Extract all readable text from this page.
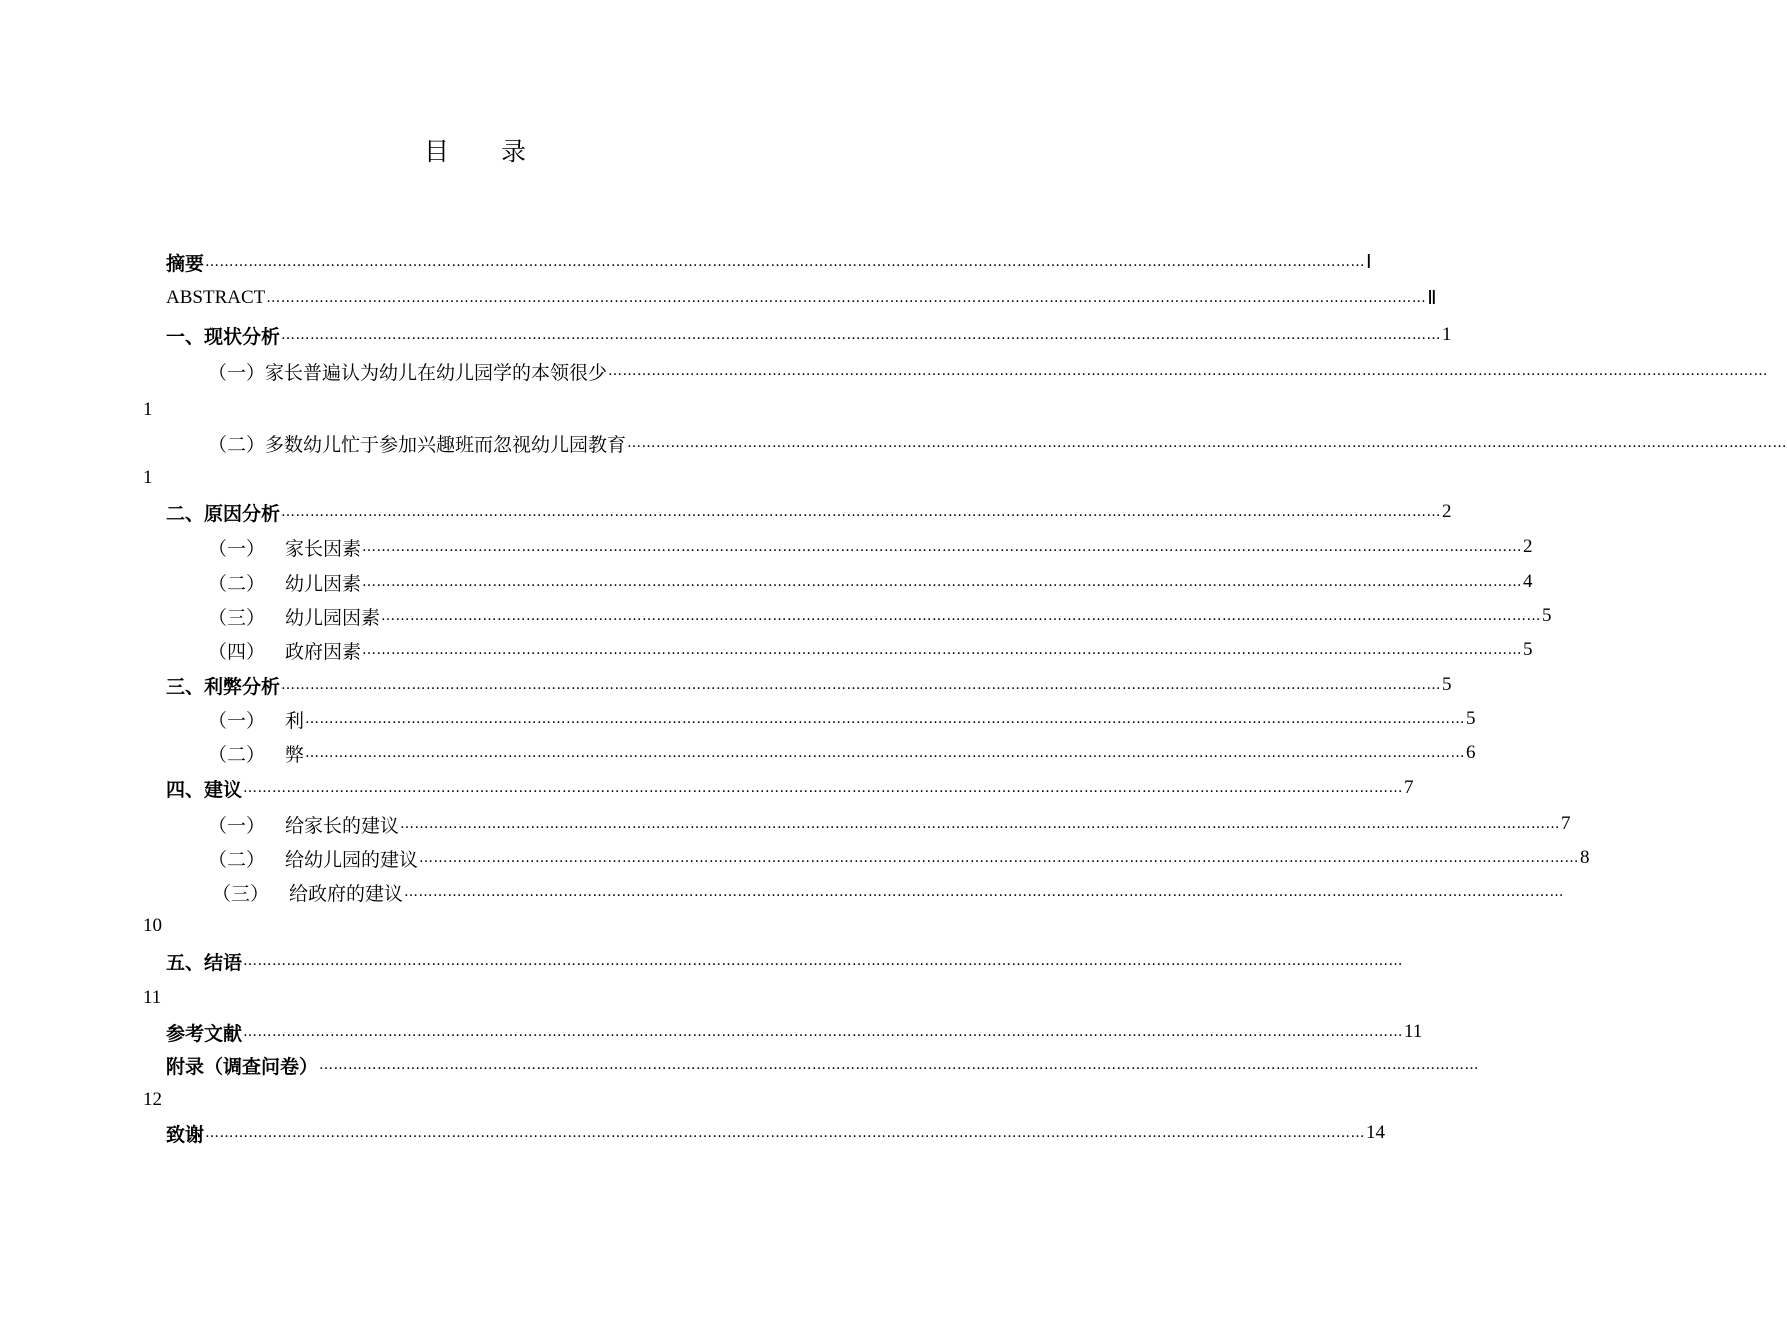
目 录
摘要 …………………………………………………………………………………………………………………………………………………………………………………………………………………… Ⅰ
ABSTRACT …………………………………………………………………………………………………………………………………………………………………………………………………………………… Ⅱ
一、现状分析 …………………………………………………………………………………………………………………………………………………………………………………………………………………… 1
（一）家长普遍认为幼儿在幼儿园学的本领很少 ……………………………………………………………………………………………………………………………………………………………………………………………………………………
1
（二）多数幼儿忙于参加兴趣班而忽视幼儿园教育 ……………………………………………………………………………………………………………………………………………………………………………………………………………………
1
二、原因分析 …………………………………………………………………………………………………………………………………………………………………………………………………………………… 2
（一） 家长因素 …………………………………………………………………………………………………………………………………………………………………………………………………………………… 2
（二） 幼儿因素 …………………………………………………………………………………………………………………………………………………………………………………………………………………… 4
（三） 幼儿园因素 …………………………………………………………………………………………………………………………………………………………………………………………………………………… 5
（四） 政府因素 …………………………………………………………………………………………………………………………………………………………………………………………………………………… 5
三、利弊分析 …………………………………………………………………………………………………………………………………………………………………………………………………………………… 5
（一） 利 …………………………………………………………………………………………………………………………………………………………………………………………………………………… 5
（二） 弊 …………………………………………………………………………………………………………………………………………………………………………………………………………………… 6
四、建议 …………………………………………………………………………………………………………………………………………………………………………………………………………………… 7
（一） 给家长的建议 …………………………………………………………………………………………………………………………………………………………………………………………………………………… 7
（二） 给幼儿园的建议 …………………………………………………………………………………………………………………………………………………………………………………………………………………… 8
（三） 给政府的建议 ……………………………………………………………………………………………………………………………………………………………………………………………………………………
10
五、结语 ……………………………………………………………………………………………………………………………………………………………………………………………………………………
11
参考文献 …………………………………………………………………………………………………………………………………………………………………………………………………………………… 11
附录（调查问卷） ……………………………………………………………………………………………………………………………………………………………………………………………………………………
12
致谢 …………………………………………………………………………………………………………………………………………………………………………………………………………………… 14
